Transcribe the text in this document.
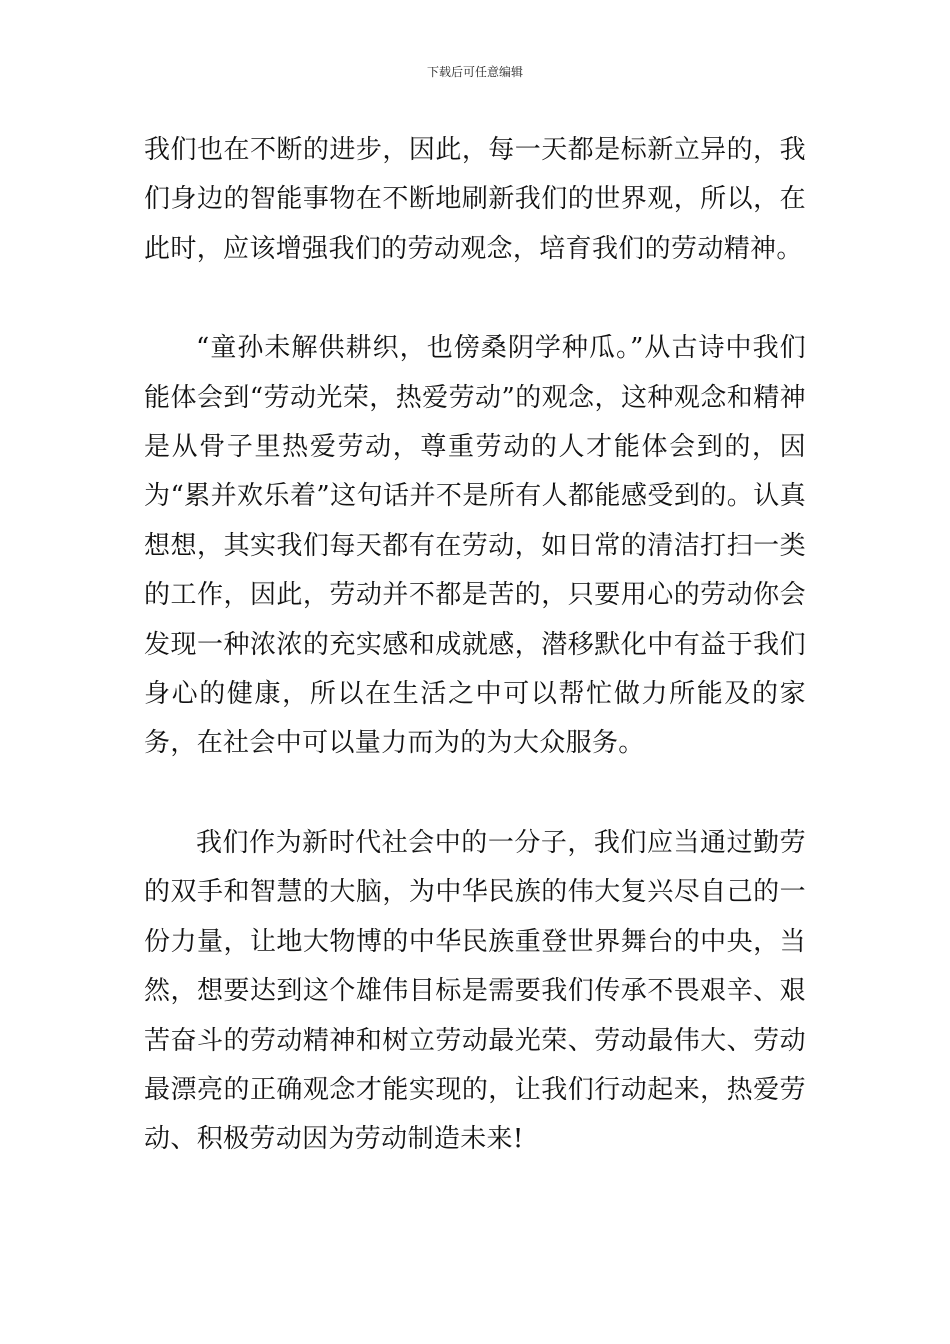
下载后可任意编辑

我们也在不断的进步，因此，每一天都是标新立异的，我们身边的智能事物在不断地刷新我们的世界观，所以，在此时，应该增强我们的劳动观念，培育我们的劳动精神。

“童孙未解供耕织，也傍桑阴学种瓜。”从古诗中我们能体会到“劳动光荣，热爱劳动”的观念，这种观念和精神是从骨子里热爱劳动，尊重劳动的人才能体会到的，因为“累并欢乐着”这句话并不是所有人都能感受到的。认真想想，其实我们每天都有在劳动，如日常的清洁打扫一类的工作，因此，劳动并不都是苦的，只要用心的劳动你会发现一种浓浓的充实感和成就感，潜移默化中有益于我们身心的健康，所以在生活之中可以帮忙做力所能及的家务，在社会中可以量力而为的为大众服务。

我们作为新时代社会中的一分子，我们应当通过勤劳的双手和智慧的大脑，为中华民族的伟大复兴尽自己的一份力量，让地大物博的中华民族重登世界舞台的中央，当然，想要达到这个雄伟目标是需要我们传承不畏艰辛、艰苦奋斗的劳动精神和树立劳动最光荣、劳动最伟大、劳动最漂亮的正确观念才能实现的，让我们行动起来，热爱劳动、积极劳动因为劳动制造未来!
